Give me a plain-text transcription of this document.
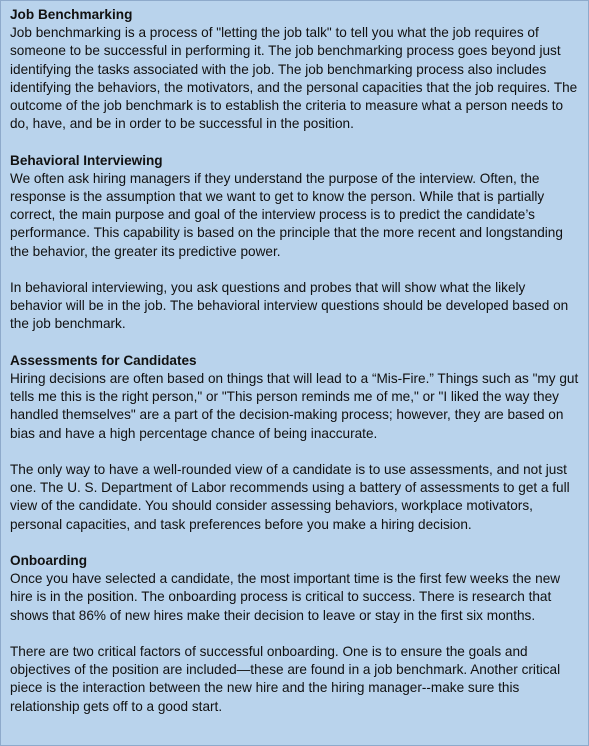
Job Benchmarking
Job benchmarking is a process of "letting the job talk" to tell you what the job requires of someone to be successful in performing it. The job benchmarking process goes beyond just identifying the tasks associated with the job. The job benchmarking process also includes identifying the behaviors, the motivators, and the personal capacities that the job requires. The outcome of the job benchmark is to establish the criteria to measure what a person needs to do, have, and be in order to be successful in the position.
Behavioral Interviewing
We often ask hiring managers if they understand the purpose of the interview. Often, the response is the assumption that we want to get to know the person. While that is partially correct, the main purpose and goal of the interview process is to predict the candidate’s performance. This capability is based on the principle that the more recent and longstanding the behavior, the greater its predictive power.
In behavioral interviewing, you ask questions and probes that will show what the likely behavior will be in the job. The behavioral interview questions should be developed based on the job benchmark.
Assessments for Candidates
Hiring decisions are often based on things that will lead to a “Mis-Fire.” Things such as "my gut tells me this is the right person," or "This person reminds me of me," or "I liked the way they handled themselves" are a part of the decision-making process; however, they are based on bias and have a high percentage chance of being inaccurate.
The only way to have a well-rounded view of a candidate is to use assessments, and not just one. The U. S. Department of Labor recommends using a battery of assessments to get a full view of the candidate. You should consider assessing behaviors, workplace motivators, personal capacities, and task preferences before you make a hiring decision.
Onboarding
Once you have selected a candidate, the most important time is the first few weeks the new hire is in the position. The onboarding process is critical to success. There is research that shows that 86% of new hires make their decision to leave or stay in the first six months.
There are two critical factors of successful onboarding. One is to ensure the goals and objectives of the position are included—these are found in a job benchmark. Another critical piece is the interaction between the new hire and the hiring manager--make sure this relationship gets off to a good start.
